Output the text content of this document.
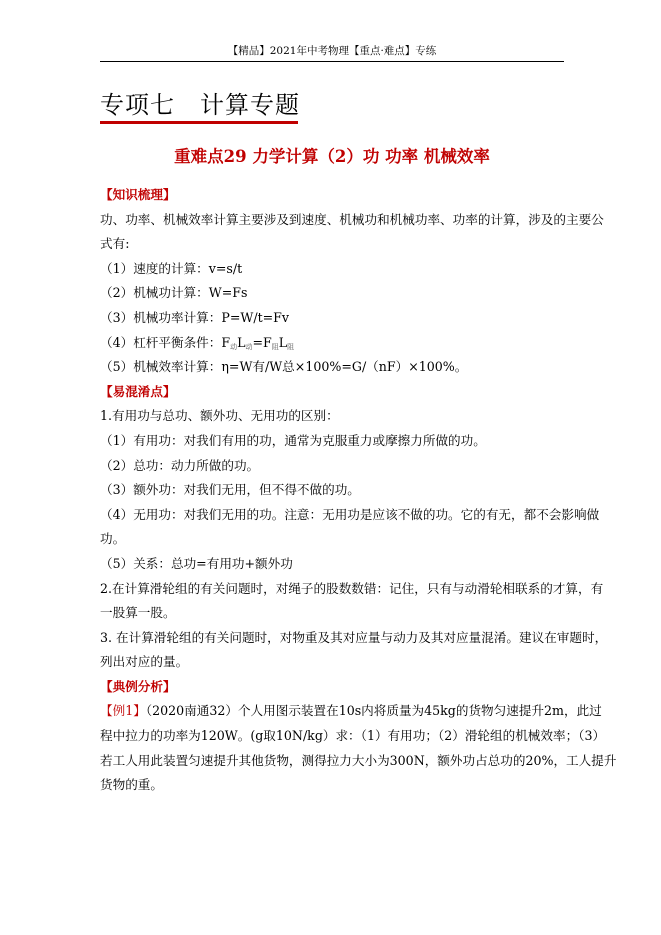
【精品】2021年中考物理【重点·难点】专练
专项七　计算专题
重难点29 力学计算（2）功 功率 机械效率
【知识梳理】
功、功率、机械效率计算主要涉及到速度、机械功和机械功率、功率的计算，涉及的主要公
式有:
（1）速度的计算：v=s/t
（2）机械功计算：W=Fs
（3）机械功率计算：P=W/t=Fv
（4）杠杆平衡条件：$F_动L_动=F_阻L_阻$
（5）机械效率计算：η=W有/W总×100%=G/（nF）×100%。
【易混淆点】
1.有用功与总功、额外功、无用功的区别：
（1）有用功：对我们有用的功，通常为克服重力或摩擦力所做的功。
（2）总功：动力所做的功。
（3）额外功：对我们无用，但不得不做的功。
（4）无用功：对我们无用的功。注意：无用功是应该不做的功。它的有无，都不会影响做
功。
（5）关系：总功=有用功+额外功
2.在计算滑轮组的有关问题时，对绳子的股数数错：记住，只有与动滑轮相联系的才算，有
一股算一股。
3. 在计算滑轮组的有关问题时，对物重及其对应量与动力及其对应量混淆。建议在审题时，
列出对应的量。
【典例分析】
【例1】（2020南通32）个人用图示装置在10s内将质量为45kg的货物匀速提升2m，此过
程中拉力的功率为120W。(g取10N/kg）求：（1）有用功；（2）滑轮组的机械效率；（3）
若工人用此装置匀速提升其他货物，测得拉力大小为300N，额外功占总功的20%，工人提升
货物的重。
